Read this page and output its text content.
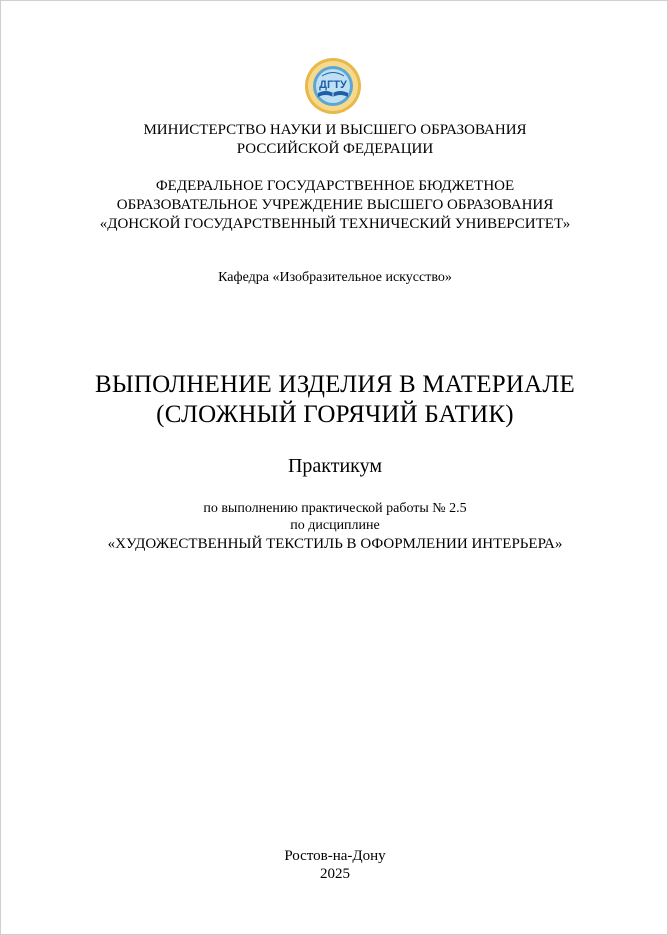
ДГТУ
МИНИСТЕРСТВО НАУКИ И ВЫСШЕГО ОБРАЗОВАНИЯ
РОССИЙСКОЙ ФЕДЕРАЦИИ
ФЕДЕРАЛЬНОЕ ГОСУДАРСТВЕННОЕ БЮДЖЕТНОЕ
ОБРАЗОВАТЕЛЬНОЕ УЧРЕЖДЕНИЕ ВЫСШЕГО ОБРАЗОВАНИЯ
«ДОНСКОЙ ГОСУДАРСТВЕННЫЙ ТЕХНИЧЕСКИЙ УНИВЕРСИТЕТ»
Кафедра «Изобразительное искусство»
ВЫПОЛНЕНИЕ ИЗДЕЛИЯ В МАТЕРИАЛЕ
(СЛОЖНЫЙ ГОРЯЧИЙ БАТИК)
Практикум
по выполнению практической работы № 2.5
по дисциплине
«ХУДОЖЕСТВЕННЫЙ ТЕКСТИЛЬ В ОФОРМЛЕНИИ ИНТЕРЬЕРА»
Ростов-на-Дону
2025
